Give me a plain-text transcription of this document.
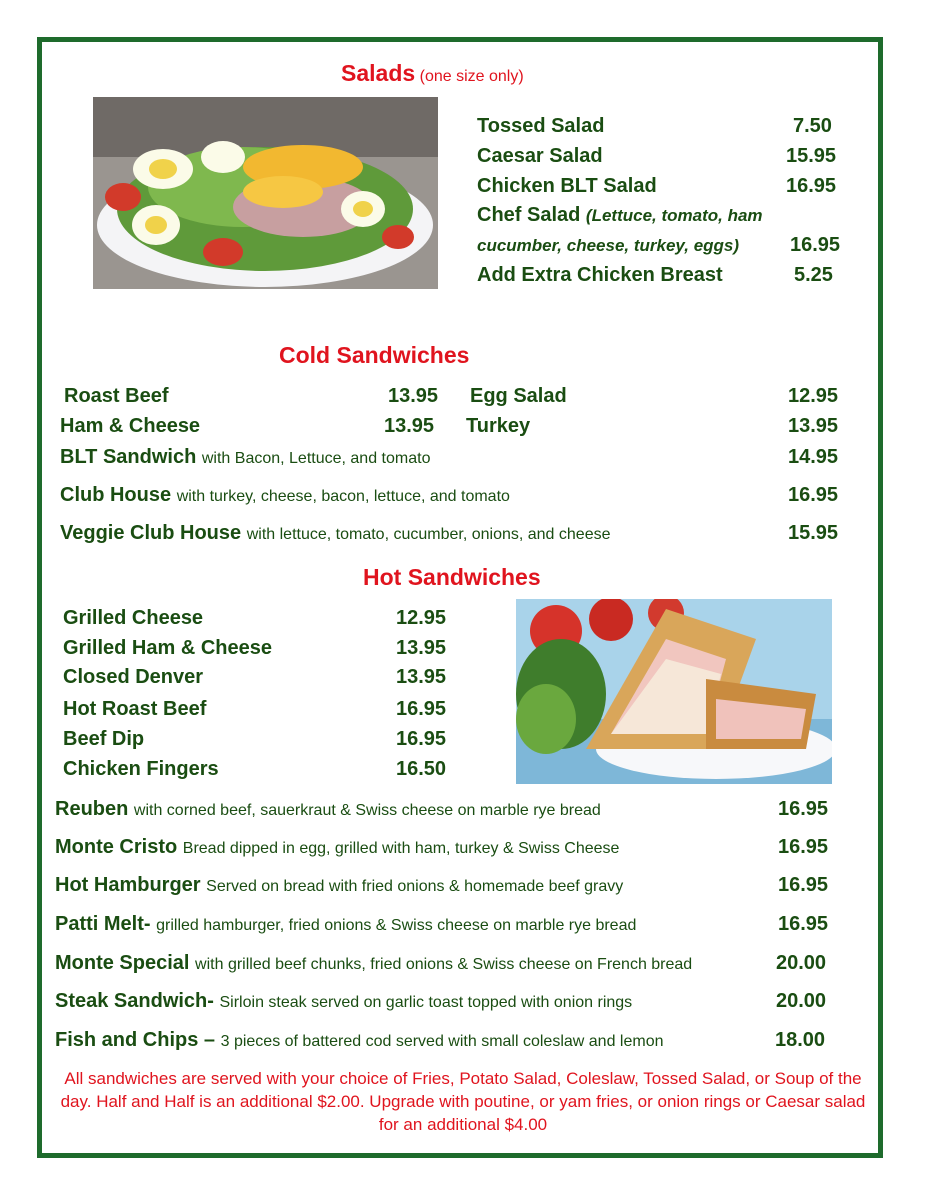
Salads (one size only)
Tossed Salad	7.50
Caesar Salad	15.95
Chicken BLT Salad	16.95
Chef Salad (Lettuce, tomato, ham
cucumber, cheese, turkey, eggs)	16.95
Add Extra Chicken Breast	5.25
Cold Sandwiches
Roast Beef	13.95 Egg Salad	12.95
Ham & Cheese	13.95 Turkey	13.95
BLT Sandwich with Bacon, Lettuce, and tomato	14.95
Club House with turkey, cheese, bacon, lettuce, and tomato	16.95
Veggie Club House with lettuce, tomato, cucumber, onions, and cheese	15.95
Hot Sandwiches
Grilled Cheese	12.95
Grilled Ham & Cheese	13.95
Closed Denver	13.95
Hot Roast Beef	16.95
Beef Dip	16.95
Chicken Fingers	16.50
Reuben with corned beef, sauerkraut & Swiss cheese on marble rye bread	16.95
Monte Cristo Bread dipped in egg, grilled with ham, turkey & Swiss Cheese	16.95
Hot Hamburger Served on bread with fried onions & homemade beef gravy	16.95
Patti Melt- grilled hamburger, fried onions & Swiss cheese on marble rye bread	16.95
Monte Special with grilled beef chunks, fried onions & Swiss cheese on French bread	20.00
Steak Sandwich- Sirloin steak served on garlic toast topped with onion rings	20.00
Fish and Chips – 3 pieces of battered cod served with small coleslaw and lemon	18.00
All sandwiches are served with your choice of Fries, Potato Salad, Coleslaw, Tossed Salad, or Soup of the day. Half and Half is an additional $2.00. Upgrade with poutine, or yam fries, or onion rings or Caesar salad for an additional $4.00
